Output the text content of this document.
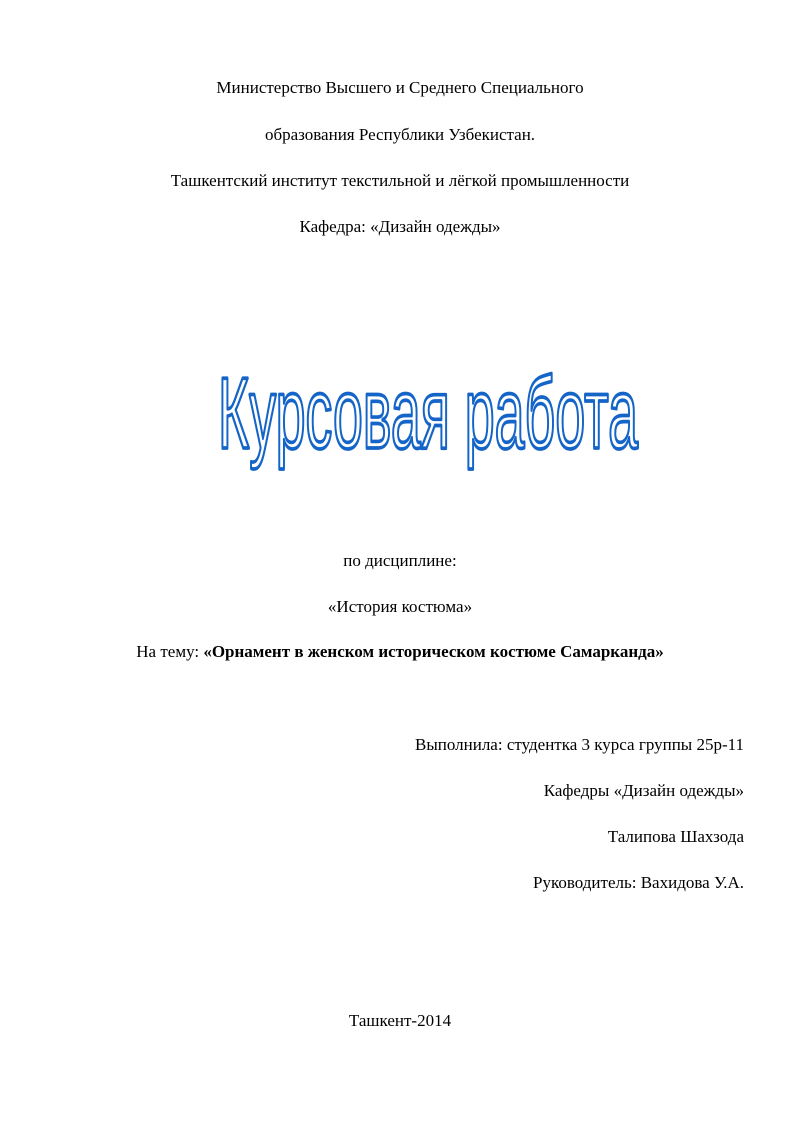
Министерство Высшего и Среднего Специального
образования Республики Узбекистан.
Ташкентский институт текстильной и лёгкой промышленности
Кафедра: «Дизайн одежды»
Курсовая работа
по дисциплине:
«История костюма»
На тему: «Орнамент в женском историческом костюме Самарканда»
Выполнила: студентка 3 курса группы 25р-11
Кафедры «Дизайн одежды»
Талипова Шахзода
Руководитель: Вахидова У.А.
Ташкент-2014
